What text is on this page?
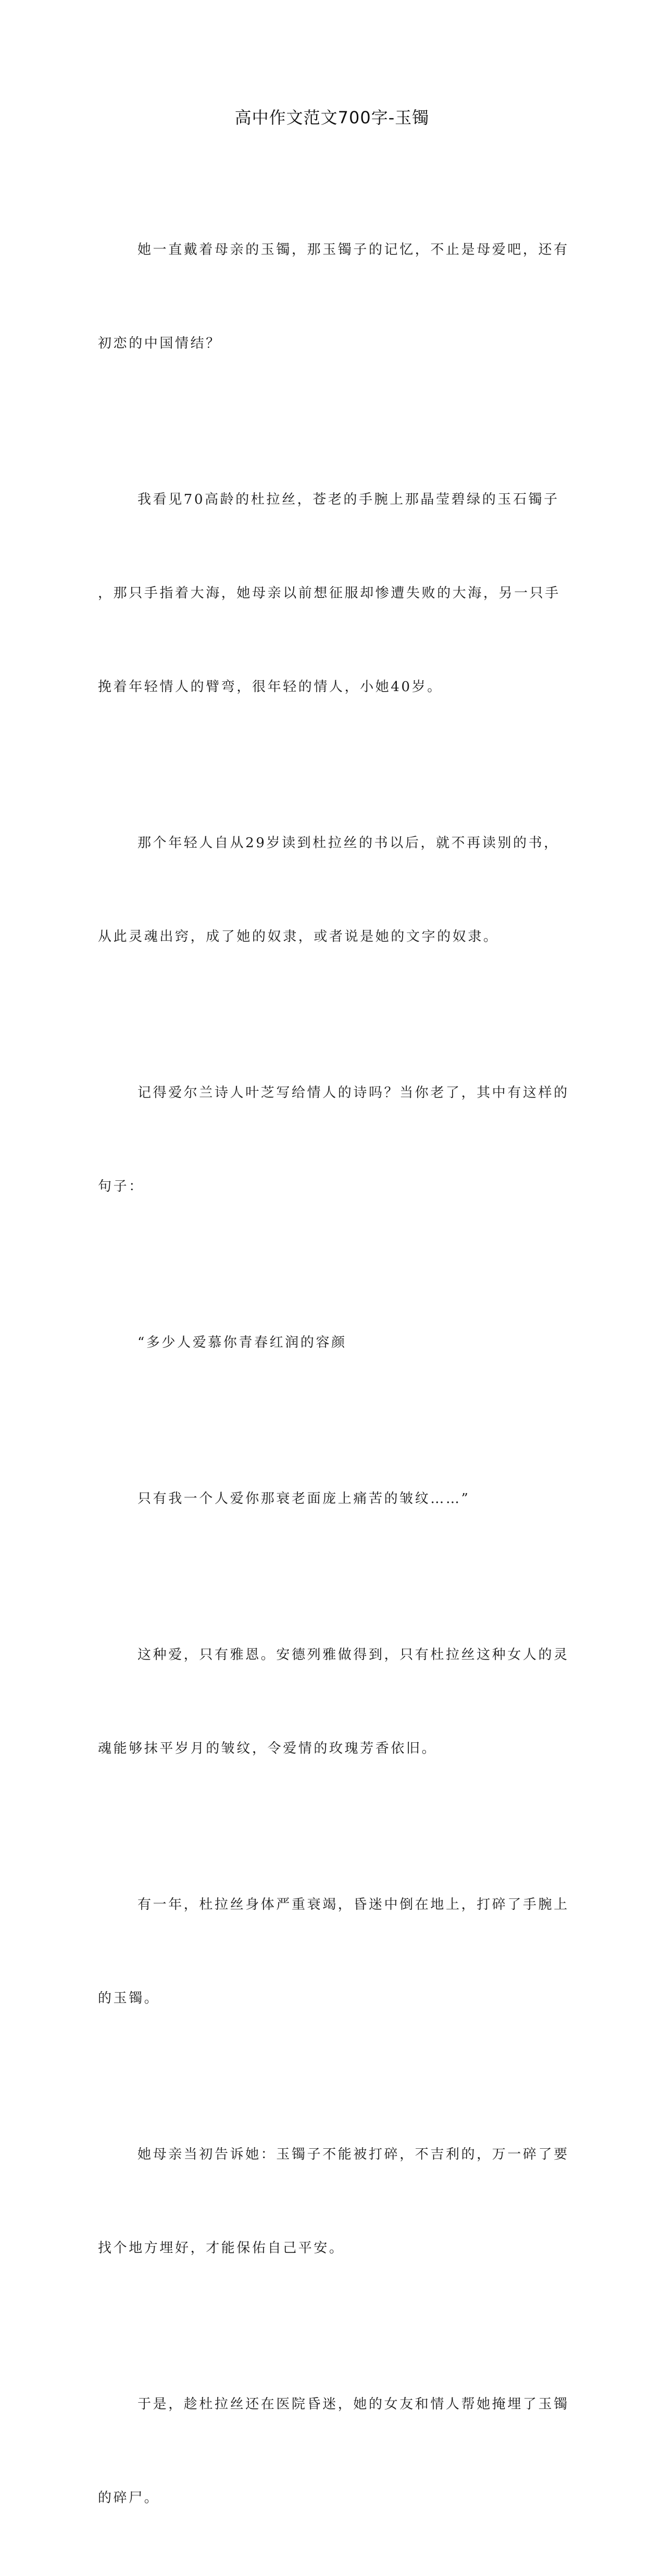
高中作文范文700字-玉镯

她一直戴着母亲的玉镯，那玉镯子的记忆，不止是母爱吧，还有

初恋的中国情结？

我看见70高龄的杜拉丝，苍老的手腕上那晶莹碧绿的玉石镯子

，那只手指着大海，她母亲以前想征服却惨遭失败的大海，另一只手

挽着年轻情人的臂弯，很年轻的情人，小她40岁。

那个年轻人自从29岁读到杜拉丝的书以后，就不再读别的书，

从此灵魂出窍，成了她的奴隶，或者说是她的文字的奴隶。

记得爱尔兰诗人叶芝写给情人的诗吗？当你老了，其中有这样的

句子：

“多少人爱慕你青春红润的容颜

只有我一个人爱你那衰老面庞上痛苦的皱纹……”

这种爱，只有雅恩。安德列雅做得到，只有杜拉丝这种女人的灵

魂能够抹平岁月的皱纹，令爱情的玫瑰芳香依旧。

有一年，杜拉丝身体严重衰竭，昏迷中倒在地上，打碎了手腕上

的玉镯。

她母亲当初告诉她：玉镯子不能被打碎，不吉利的，万一碎了要

找个地方埋好，才能保佑自己平安。

于是，趁杜拉丝还在医院昏迷，她的女友和情人帮她掩埋了玉镯

的碎尸。
